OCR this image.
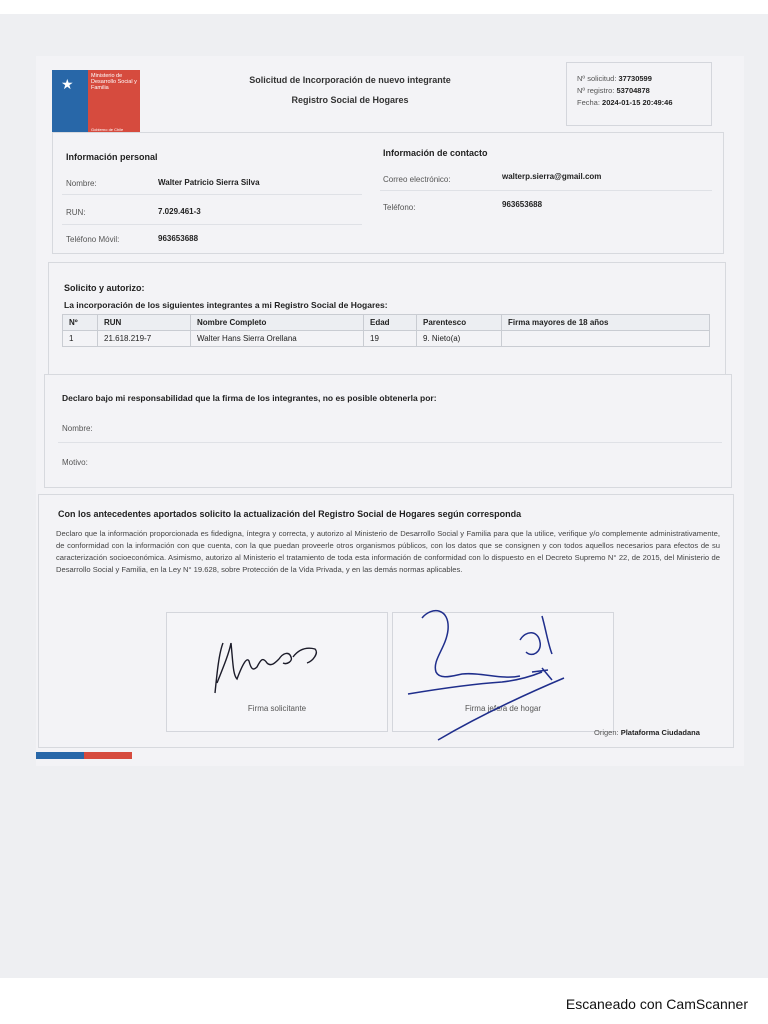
★	Ministerio de Desarrollo Social y Familia
Gobierno de Chile
Solicitud de Incorporación de nuevo integrante
Registro Social de Hogares
Nº solicitud: 37730599
Nº registro: 53704878
Fecha: 2024-01-15 20:49:46
Información personal	Información de contacto
Nombre:	Walter Patricio Sierra Silva
RUN:	7.029.461-3
Teléfono Móvil:	963653688
Correo electrónico:	walterp.sierra@gmail.com
Teléfono:	963653688
Solicito y autorizo:
La incorporación de los siguientes integrantes a mi Registro Social de Hogares:
Nº	RUN	Nombre Completo	Edad	Parentesco	Firma mayores de 18 años
1	21.618.219-7	Walter Hans Sierra Orellana	19	9. Nieto(a)	
Declaro bajo mi responsabilidad que la firma de los integrantes, no es posible obtenerla por:
Nombre:
Motivo:
Con los antecedentes aportados solicito la actualización del Registro Social de Hogares según corresponda
Declaro que la información proporcionada es fidedigna, íntegra y correcta, y autorizo al Ministerio de Desarrollo Social y Familia para que la utilice, verifique y/o complemente administrativamente, de conformidad con la información con que cuenta, con la que puedan proveerle otros organismos públicos, con los datos que se consignen y con todos aquellos necesarios para efectos de su caracterización socioeconómica. Asimismo, autorizo al Ministerio el tratamiento de toda esta información de conformidad con lo dispuesto en el Decreto Supremo N° 22, de 2015, del Ministerio de Desarrollo Social y Familia, en la Ley N° 19.628, sobre Protección de la Vida Privada, y en las demás normas aplicables.
Firma solicitante	Firma jefe/a de hogar
Origen: Plataforma Ciudadana
Escaneado con CamScanner
